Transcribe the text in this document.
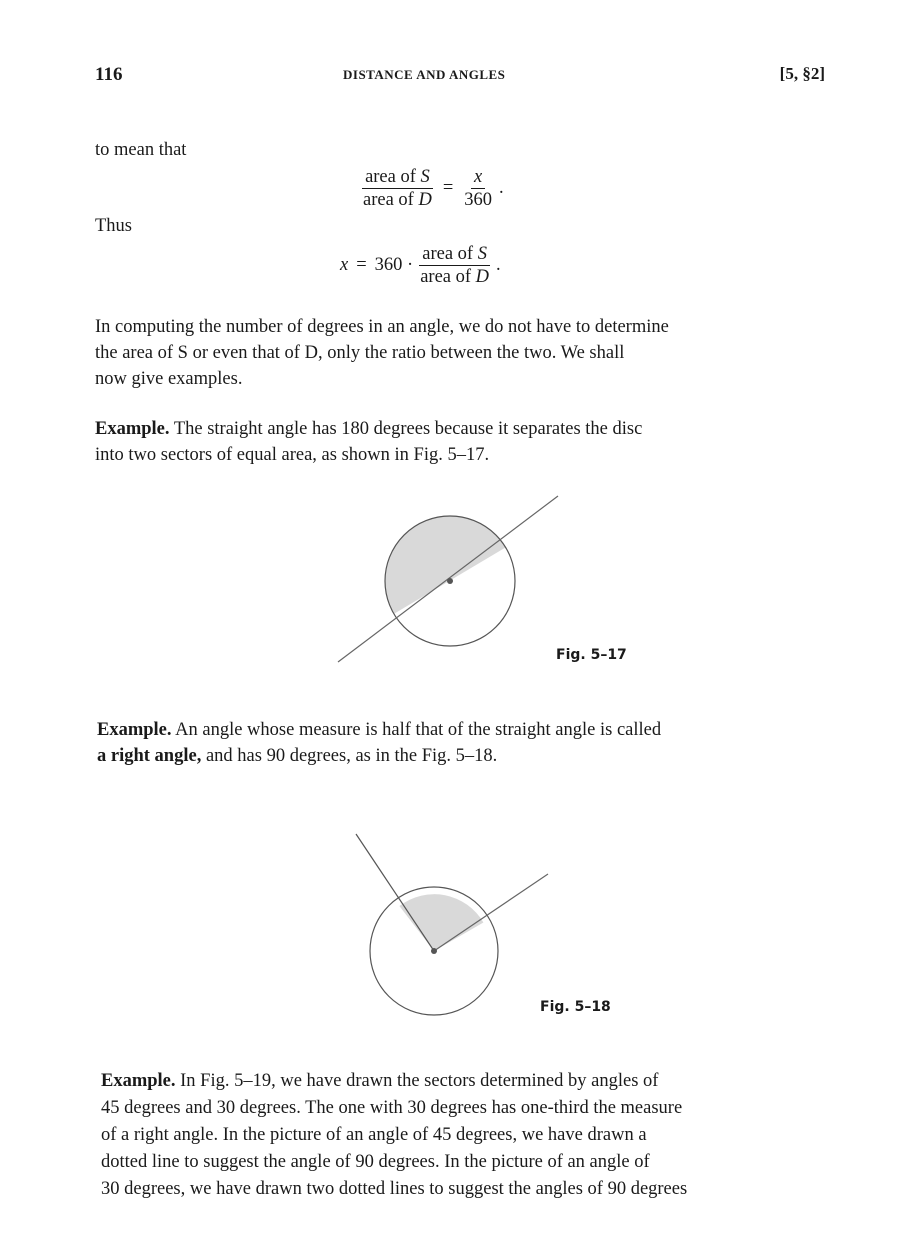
116	DISTANCE AND ANGLES	[5, §2]
to mean that
$\frac{\text{area of S}}{\text{area of D}} = \frac{x}{360}$ .
Thus
$x = 360 \cdot \frac{\text{area of S}}{\text{area of D}}$ .
In computing the number of degrees in an angle, we do not have to determine
the area of S or even that of D, only the ratio between the two. We shall
now give examples.
Example. The straight angle has 180 degrees because it separates the disc
into two sectors of equal area, as shown in Fig. 5–17.
Fig. 5–17
Example. An angle whose measure is half that of the straight angle is called
a right angle, and has 90 degrees, as in the Fig. 5–18.
Fig. 5–18
Example. In Fig. 5–19, we have drawn the sectors determined by angles of
45 degrees and 30 degrees. The one with 30 degrees has one-third the measure
of a right angle. In the picture of an angle of 45 degrees, we have drawn a
dotted line to suggest the angle of 90 degrees. In the picture of an angle of
30 degrees, we have drawn two dotted lines to suggest the angles of 90 degrees
